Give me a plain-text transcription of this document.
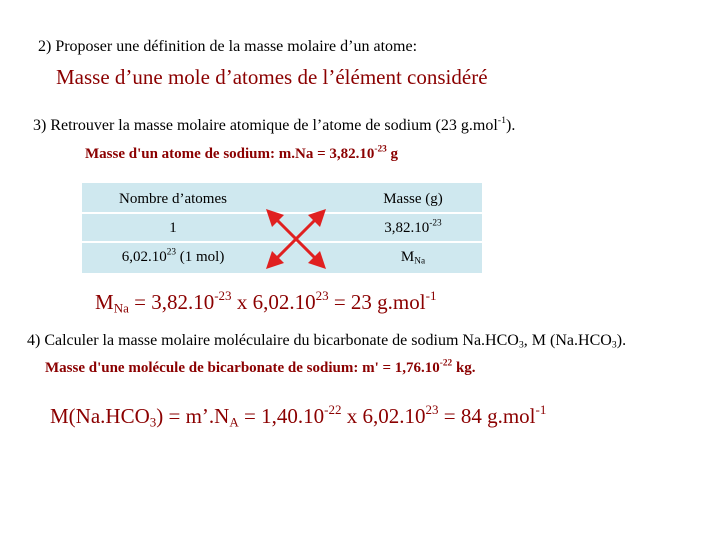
2) Proposer une définition de la masse molaire d’un atome:
Masse d’une mole d’atomes de l’élément considéré
3) Retrouver la masse molaire atomique de l’atome de sodium (23 g.mol$^{-1}$).
Masse d'un atome de sodium: $m.Na = 3,82.10^{-23}$ g
Nombre d’atomes	Masse (g)
1	$3,82.10^{-23}$
6,02.10$^{23}$ (1 mol)	$M_{Na}$
$M_{Na} = 3,82.10^{-23}$ x $6,02.10^{23} = 23$ g.mol$^{-1}$
4) Calculer la masse molaire moléculaire du bicarbonate de sodium $Na.HCO_3$, M $(Na.HCO_3)$.
Masse d'une molécule de bicarbonate de sodium: $m' = 1,76.10^{-22}$ kg.
$M(Na.HCO_3)$ = $m’.N_A = 1,40.10^{-22}$ x $6,02.10^{23} = 84$ g.mol$^{-1}$
